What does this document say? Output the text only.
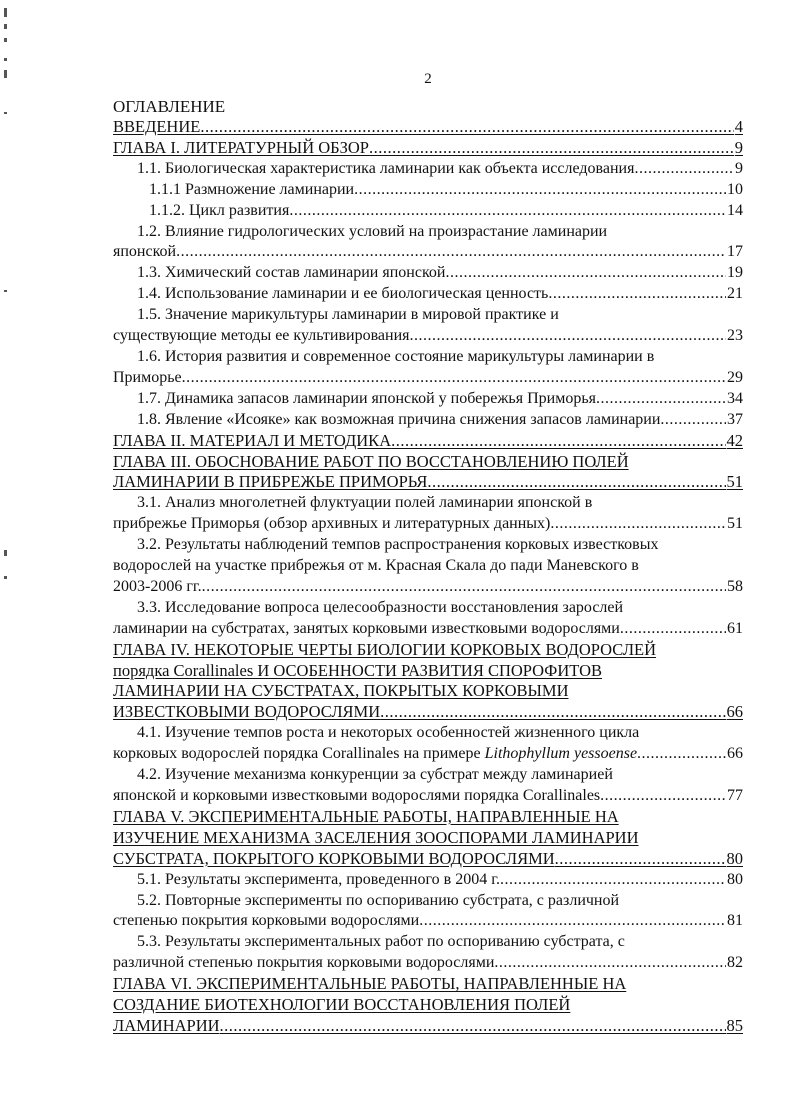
2
ОГЛАВЛЕНИЕ
ВВЕДЕНИЕ .....	4
ГЛАВА I. ЛИТЕРАТУРНЫЙ ОБЗОР .....	9
1.1. Биологическая характеристика ламинарии как объекта исследования .....	9
1.1.1 Размножение ламинарии .....	10
1.1.2. Цикл развития .....	14
1.2. Влияние гидрологических условий на произрастание ламинарии
японской .....	17
1.3. Химический состав ламинарии японской .....	19
1.4. Использование ламинарии и ее биологическая ценность .....	21
1.5. Значение марикультуры ламинарии в мировой практике и
существующие методы ее культивирования .....	23
1.6. История развития и современное состояние марикультуры ламинарии в
Приморье .....	29
1.7. Динамика запасов ламинарии японской у побережья Приморья .....	34
1.8. Явление «Исояке» как возможная причина снижения запасов ламинарии .....	37
ГЛАВА II. МАТЕРИАЛ И МЕТОДИКА .....	42
ГЛАВА III. ОБОСНОВАНИЕ РАБОТ ПО ВОССТАНОВЛЕНИЮ ПОЛЕЙ
ЛАМИНАРИИ В ПРИБРЕЖЬЕ ПРИМОРЬЯ .....	51
3.1. Анализ многолетней флуктуации полей ламинарии японской в
прибрежье Приморья (обзор архивных и литературных данных) .....	51
3.2. Результаты наблюдений темпов распространения корковых известковых
водорослей на участке прибрежья от м. Красная Скала до пади Маневского в
2003-2006 гг. .....	58
3.3. Исследование вопроса целесообразности восстановления зарослей
ламинарии на субстратах, занятых корковыми известковыми водорослями .....	61
ГЛАВА IV. НЕКОТОРЫЕ ЧЕРТЫ БИОЛОГИИ КОРКОВЫХ ВОДОРОСЛЕЙ
порядка Corallinales И ОСОБЕННОСТИ РАЗВИТИЯ СПОРОФИТОВ
ЛАМИНАРИИ НА СУБСТРАТАХ, ПОКРЫТЫХ КОРКОВЫМИ
ИЗВЕСТКОВЫМИ ВОДОРОСЛЯМИ .....	66
4.1. Изучение темпов роста и некоторых особенностей жизненного цикла
корковых водорослей порядка Corallinales на примере Lithophyllum yessoense .....	66
4.2. Изучение механизма конкуренции за субстрат между ламинарией
японской и корковыми известковыми водорослями порядка Corallinales .....	77
ГЛАВА V. ЭКСПЕРИМЕНТАЛЬНЫЕ РАБОТЫ, НАПРАВЛЕННЫЕ НА
ИЗУЧЕНИЕ МЕХАНИЗМА ЗАСЕЛЕНИЯ ЗООСПОРАМИ ЛАМИНАРИИ
СУБСТРАТА, ПОКРЫТОГО КОРКОВЫМИ ВОДОРОСЛЯМИ .....	80
5.1. Результаты эксперимента, проведенного в 2004 г. .....	80
5.2. Повторные эксперименты по оспориванию субстрата, с различной
степенью покрытия корковыми водорослями .....	81
5.3. Результаты экспериментальных работ по оспориванию субстрата, с
различной степенью покрытия корковыми водорослями .....	82
ГЛАВА VI. ЭКСПЕРИМЕНТАЛЬНЫЕ РАБОТЫ, НАПРАВЛЕННЫЕ НА
СОЗДАНИЕ БИОТЕХНОЛОГИИ ВОССТАНОВЛЕНИЯ ПОЛЕЙ
ЛАМИНАРИИ .....	85
